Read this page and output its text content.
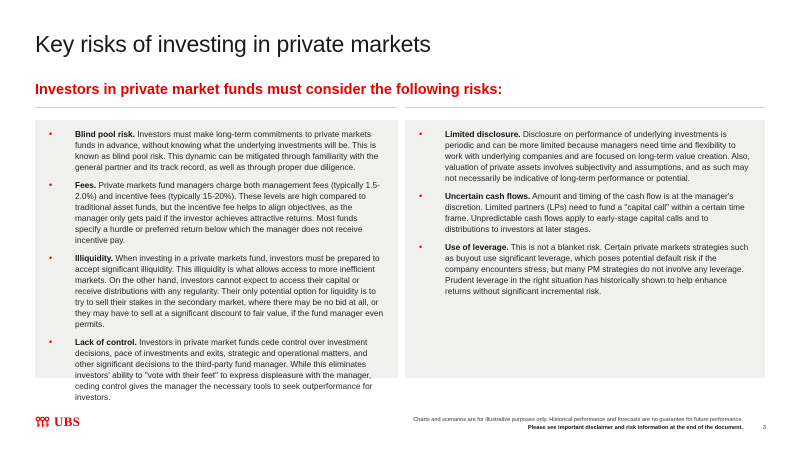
Key risks of investing in private markets
Investors in private market funds must consider the following risks:
•	Blind pool risk. Investors must make long-term commitments to private markets funds in advance, without knowing what the underlying investments will be. This is known as blind pool risk. This dynamic can be mitigated through familiarity with the general partner and its track record, as well as through proper due diligence.
•	Fees. Private markets fund managers charge both management fees (typically 1.5-2.0%) and incentive fees (typically 15-20%). These levels are high compared to traditional asset funds, but the incentive fee helps to align objectives, as the manager only gets paid if the investor achieves attractive returns. Most funds specify a hurdle or preferred return below which the manager does not receive incentive pay.
•	Illiquidity. When investing in a private markets fund, investors must be prepared to accept significant illiquidity. This illiquidity is what allows access to more inefficient markets. On the other hand, investors cannot expect to access their capital or receive distributions with any regularity. Their only potential option for liquidity is to try to sell their stakes in the secondary market, where there may be no bid at all, or they may have to sell at a significant discount to fair value, if the fund manager even permits.
•	Lack of control. Investors in private market funds cede control over investment decisions, pace of investments and exits, strategic and operational matters, and other significant decisions to the third-party fund manager. While this eliminates investors' ability to "vote with their feet" to express displeasure with the manager, ceding control gives the manager the necessary tools to seek outperformance for investors.
•	Limited disclosure. Disclosure on performance of underlying investments is periodic and can be more limited because managers need time and flexibility to work with underlying companies and are focused on long-term value creation. Also, valuation of private assets involves subjectivity and assumptions, and as such may not necessarily be indicative of long-term performance or potential.
•	Uncertain cash flows. Amount and timing of the cash flow is at the manager's discretion. Limited partners (LPs) need to fund a "capital call" within a certain time frame. Unpredictable cash flows apply to early-stage capital calls and to distributions to investors at later stages.
•	Use of leverage. This is not a blanket risk. Certain private markets strategies such as buyout use significant leverage, which poses potential default risk if the company encounters stress, but many PM strategies do not involve any leverage. Prudent leverage in the right situation has historically shown to help enhance returns without significant incremental risk.
UBS	Charts and scenarios are for illustrative purposes only. Historical performance and forecasts are no guarantee for future performance.
Please see important disclaimer and risk information at the end of the document.	3
